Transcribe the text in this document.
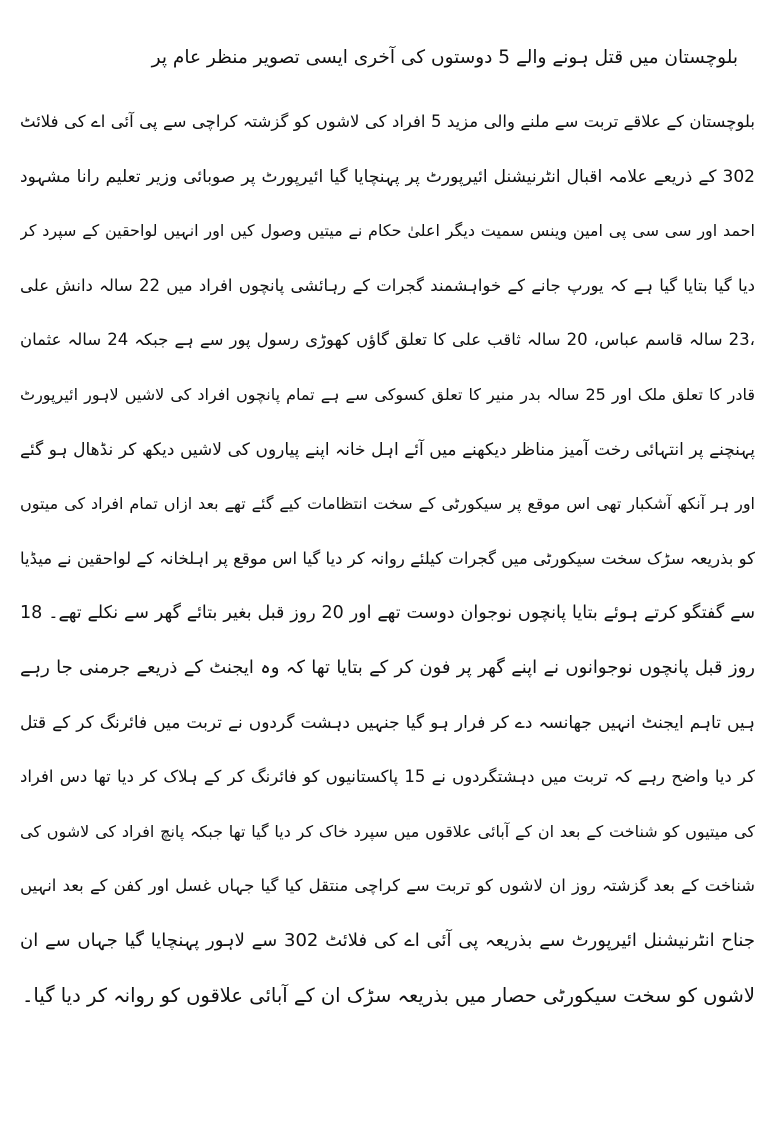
بلوچستان میں قتل ہونے والے 5 دوستوں کی آخری ایسی تصویر منظر عام پر
بلوچستان کے علاقے تربت سے ملنے والی مزید 5 افراد کی لاشوں کو گزشتہ کراچی سے پی آئی اے کی فلائٹ
302 کے ذریعے علامہ اقبال انٹرنیشنل ائیرپورٹ پر پہنچایا گیا ائیرپورٹ پر صوبائی وزیر تعلیم رانا مشہود
احمد اور سی سی پی امین وینس سمیت دیگر اعلیٰ حکام نے میتیں وصول کیں اور انہیں لواحقین کے سپرد کر
دیا گیا بتایا گیا ہے کہ یورپ جانے کے خواہشمند گجرات کے رہائشی پانچوں افراد میں 22 سالہ دانش علی
،23 سالہ قاسم عباس، 20 سالہ ثاقب علی کا تعلق گاؤں کھوڑی رسول پور سے ہے جبکہ 24 سالہ عثمان
قادر کا تعلق ملک اور 25 سالہ بدر منیر کا تعلق کسوکی سے ہے تمام پانچوں افراد کی لاشیں لاہور ائیرپورٹ
پہنچنے پر انتہائی رخت آمیز مناظر دیکھنے میں آئے اہل خانہ اپنے پیاروں کی لاشیں دیکھ کر نڈھال ہو گئے
اور ہر آنکھ آشکبار تھی اس موقع پر سیکورٹی کے سخت انتظامات کیے گئے تھے بعد ازاں تمام افراد کی میتوں
کو بذریعہ سڑک سخت سیکورٹی میں گجرات کیلئے روانہ کر دیا گیا اس موقع پر اہلخانہ کے لواحقین نے میڈیا
سے گفتگو کرتے ہوئے بتایا پانچوں نوجوان دوست تھے اور 20 روز قبل بغیر بتائے گھر سے نکلے تھے۔ 18
روز قبل پانچوں نوجوانوں نے اپنے گھر پر فون کر کے بتایا تھا کہ وہ ایجنٹ کے ذریعے جرمنی جا رہے
ہیں تاہم ایجنٹ انہیں جھانسہ دے کر فرار ہو گیا جنہیں دہشت گردوں نے تربت میں فائرنگ کر کے قتل
کر دیا واضح رہے کہ تربت میں دہشتگردوں نے 15 پاکستانیوں کو فائرنگ کر کے ہلاک کر دیا تھا دس افراد
کی میتیوں کو شناخت کے بعد ان کے آبائی علاقوں میں سپرد خاک کر دیا گیا تھا جبکہ پانچ افراد کی لاشوں کی
شناخت کے بعد گزشتہ روز ان لاشوں کو تربت سے کراچی منتقل کیا گیا جہاں غسل اور کفن کے بعد انہیں
جناح انٹرنیشنل ائیرپورٹ سے بذریعہ پی آئی اے کی فلائٹ 302 سے لاہور پہنچایا گیا جہاں سے ان
لاشوں کو سخت سیکورٹی حصار میں بذریعہ سڑک ان کے آبائی علاقوں کو روانہ کر دیا گیا۔
